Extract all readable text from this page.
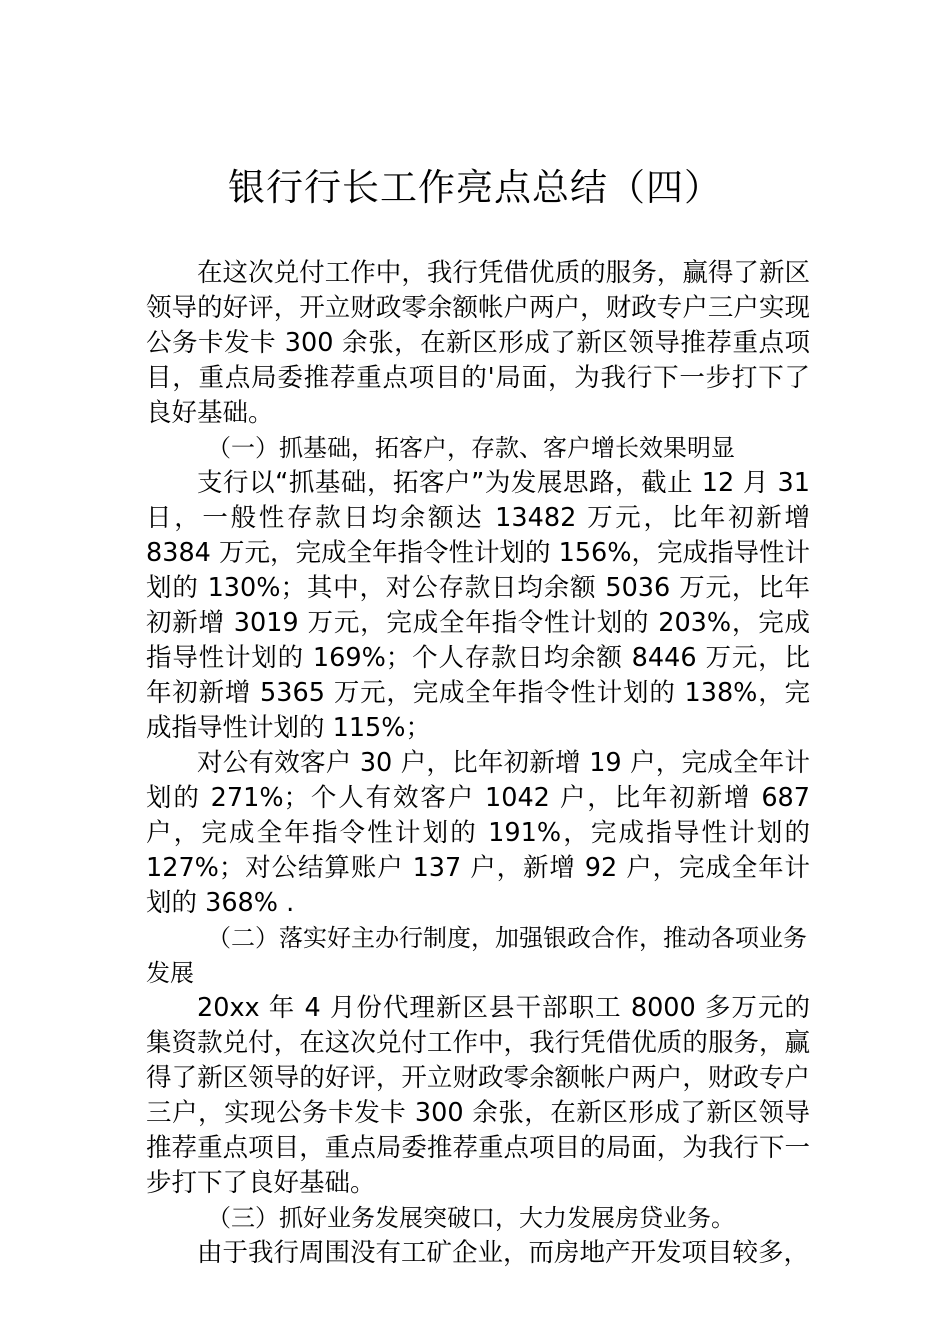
银行行长工作亮点总结（四）

在这次兑付工作中，我行凭借优质的服务，赢得了新区领导的好评，开立财政零余额帐户两户，财政专户三户实现公务卡发卡 300 余张，在新区形成了新区领导推荐重点项目，重点局委推荐重点项目的'局面，为我行下一步打下了良好基础。

（一）抓基础，拓客户，存款、客户增长效果明显

支行以“抓基础，拓客户”为发展思路，截止 12 月 31 日，一般性存款日均余额达 13482 万元，比年初新增 8384 万元，完成全年指令性计划的 156%，完成指导性计划的 130%；其中，对公存款日均余额 5036 万元，比年初新增 3019 万元，完成全年指令性计划的 203%，完成指导性计划的 169%；个人存款日均余额 8446 万元，比年初新增 5365 万元，完成全年指令性计划的 138%，完成指导性计划的 115%；

对公有效客户 30 户，比年初新增 19 户，完成全年计划的 271%；个人有效客户 1042 户，比年初新增 687 户，完成全年指令性计划的 191%，完成指导性计划的 127%；对公结算账户 137 户，新增 92 户，完成全年计划的 368% .

（二）落实好主办行制度，加强银政合作，推动各项业务发展

20xx 年 4 月份代理新区县干部职工 8000 多万元的集资款兑付，在这次兑付工作中，我行凭借优质的服务，赢得了新区领导的好评，开立财政零余额帐户两户，财政专户三户，实现公务卡发卡 300 余张，在新区形成了新区领导推荐重点项目，重点局委推荐重点项目的局面，为我行下一步打下了良好基础。

（三）抓好业务发展突破口，大力发展房贷业务。

由于我行周围没有工矿企业，而房地产开发项目较多，
